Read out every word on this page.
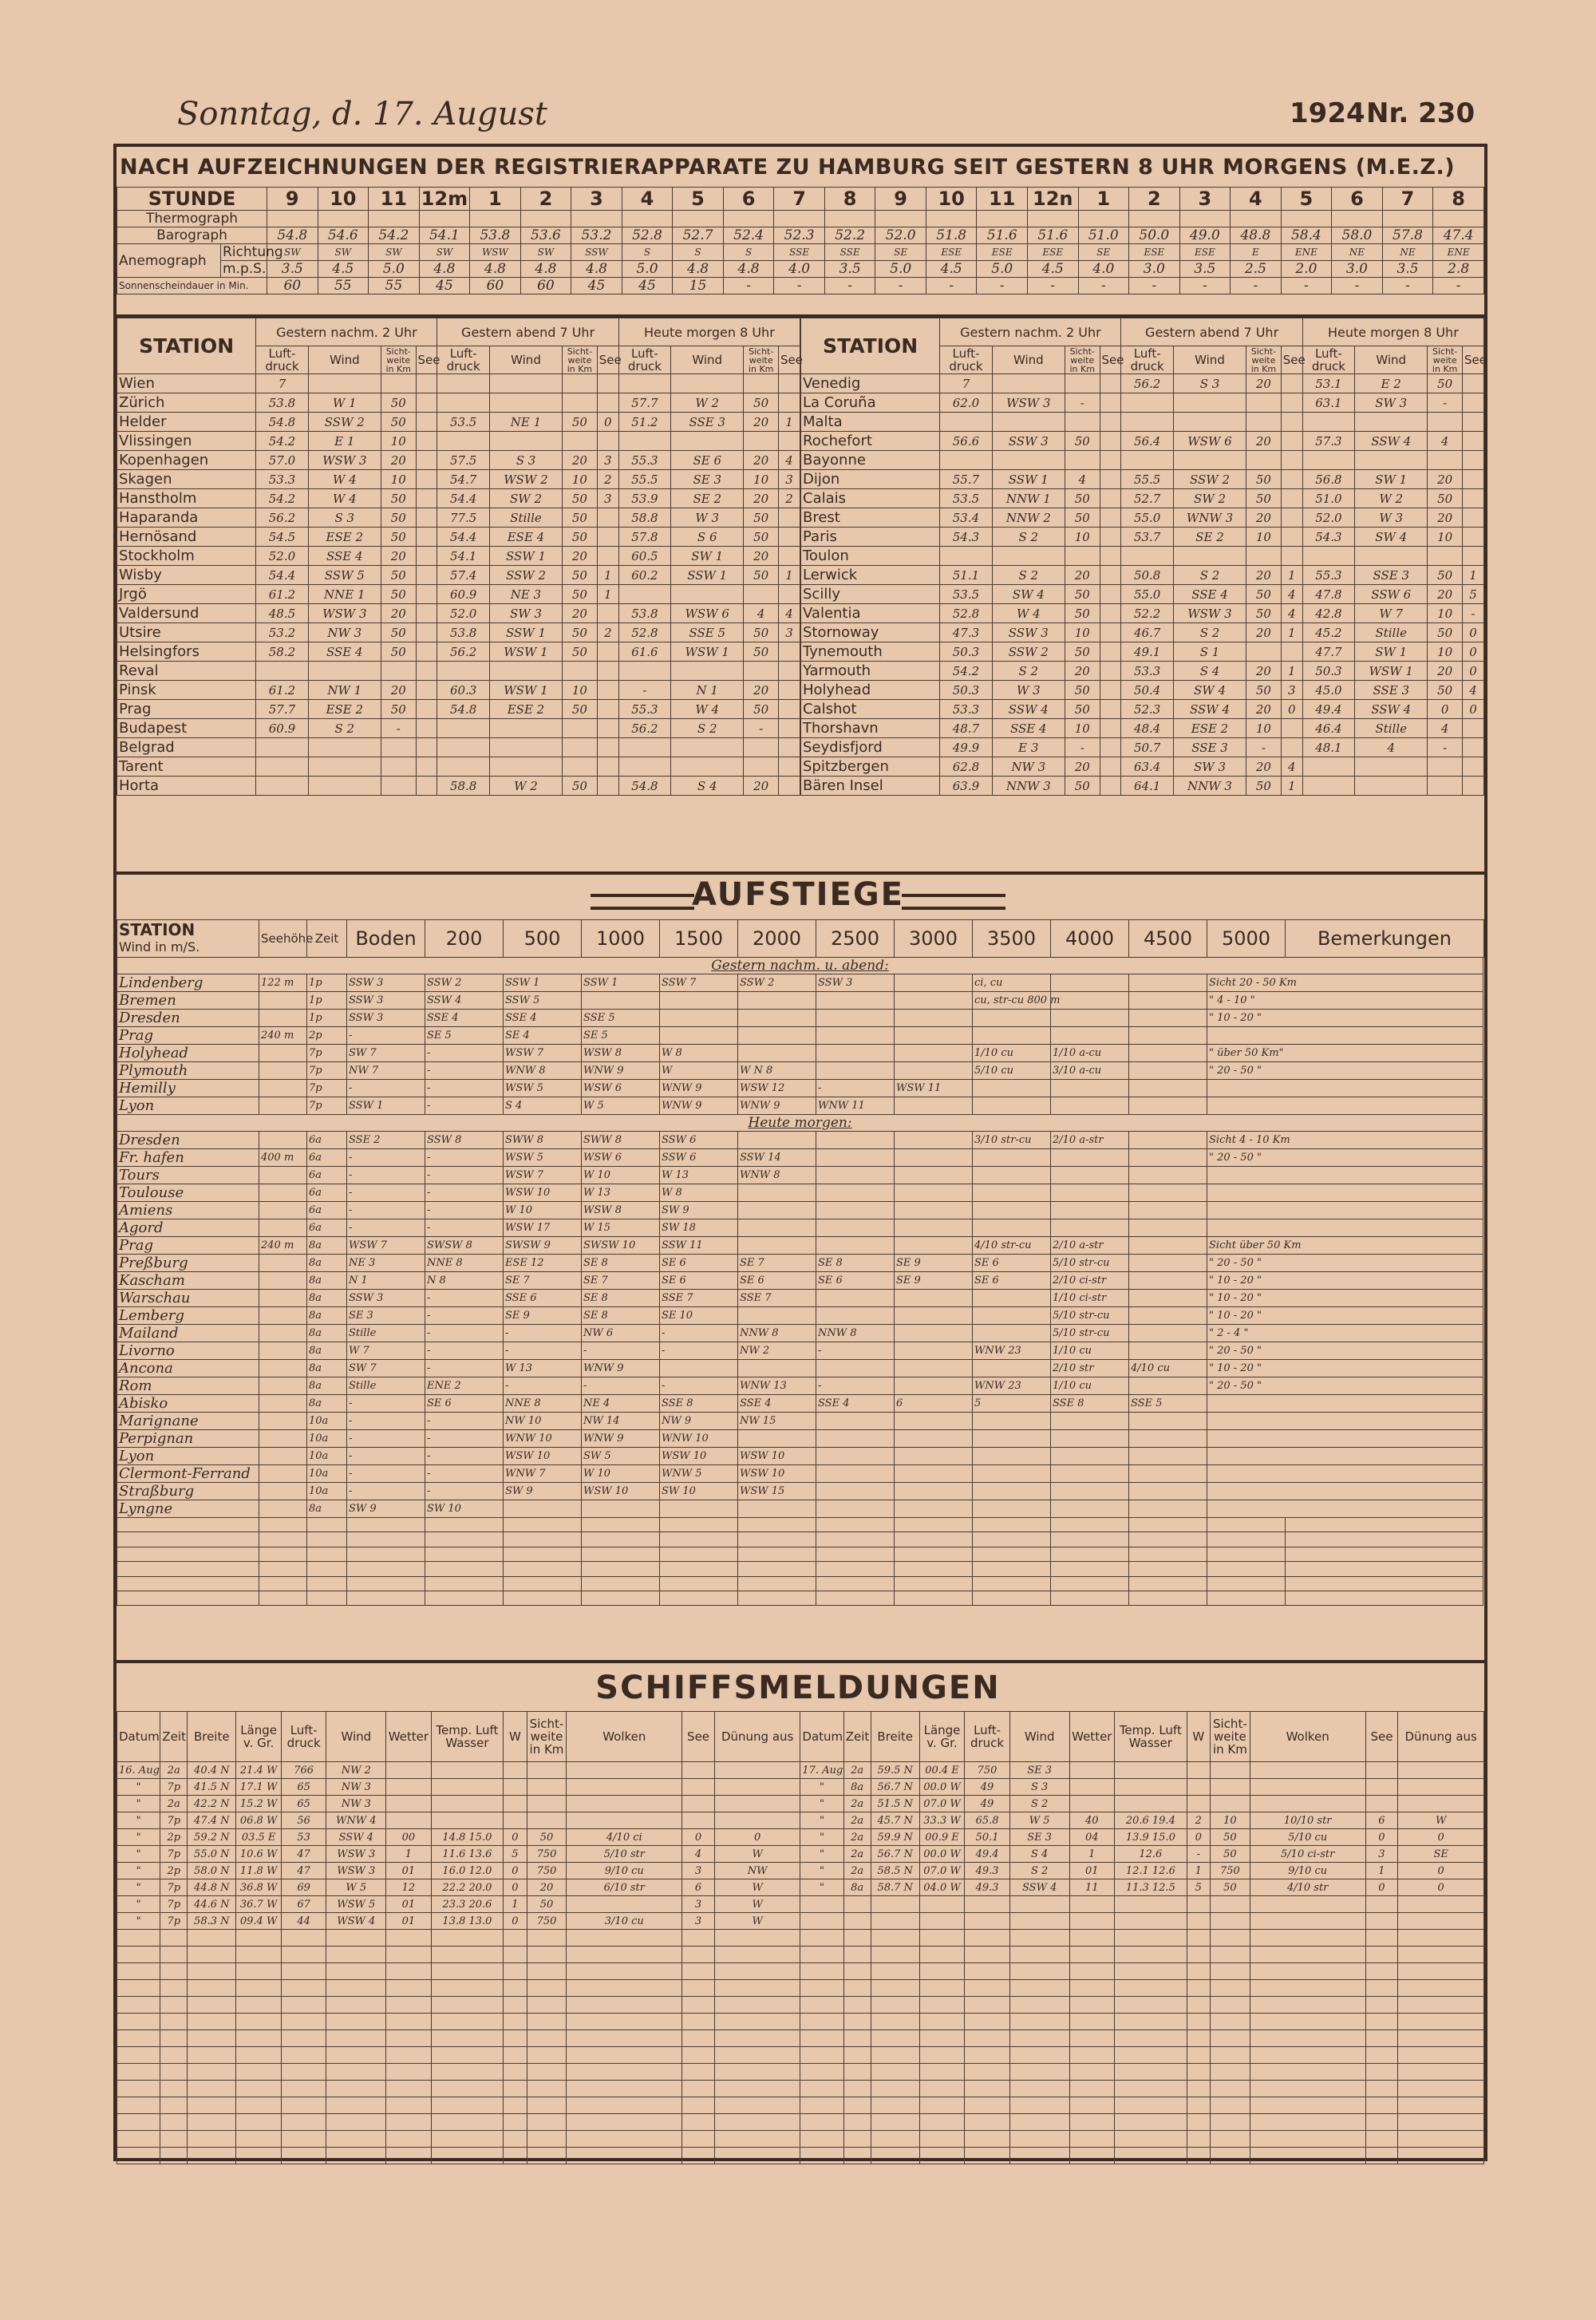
Sonntag, d. 17. August	1924 Nr. 230
NACH AUFZEICHNUNGEN DER REGISTRIERAPPARATE ZU HAMBURG SEIT GESTERN 8 UHR MORGENS (M.E.Z.)
STUNDE		9	10	11	12m	1	2	3	4	5	6	7	8	9	10	11	12n	1	2	3	4	5	6	7	8
Thermograph																									
Barograph		54.8	54.6	54.2	54.1	53.8	53.6	53.2	52.8	52.7	52.4	52.3	52.2	52.0	51.8	51.6	51.6	51.0	50.0	49.0	48.8	58.4	58.0	57.8	47.4
Anemograph	Richtung	SW	SW	SW	SW	WSW	SW	SSW	S	S	S	SSE	SSE	SE	ESE	ESE	ESE	SE	ESE	ESE	E	ENE	NE	NE	ENE
	m.p.S.	3.5	4.5	5.0	4.8	4.8	4.8	4.8	5.0	4.8	4.8	4.0	3.5	5.0	4.5	5.0	4.5	4.0	3.0	3.5	2.5	2.0	3.0	3.5	2.8
Sonnenscheindauer in Min.		60	55	55	45	60	60	45	45	15	-	-	-	-	-	-	-	-	-	-	-	-	-	-	-
STATION	Gestern nachm. 2 Uhr				Gestern abend 7 Uhr				Heute morgen 8 Uhr			
	Luft-druck	Wind	Sicht-weite in Km	See	Luft-druck	Wind	Sicht-weite in Km	See	Luft-druck	Wind	Sicht-weite in Km	See
Wien	7											
Zürich	53.8	W 1	50						57.7	W 2	50	
Helder	54.8	SSW 2	50		53.5	NE 1	50	0	51.2	SSE 3	20	1
Vlissingen	54.2	E 1	10									
Kopenhagen	57.0	WSW 3	20		57.5	S 3	20	3	55.3	SE 6	20	4
Skagen	53.3	W 4	10		54.7	WSW 2	10	2	55.5	SE 3	10	3
Hanstholm	54.2	W 4	50		54.4	SW 2	50	3	53.9	SE 2	20	2
Haparanda	56.2	S 3	50		77.5	Stille	50		58.8	W 3	50	
Hernösand	54.5	ESE 2	50		54.4	ESE 4	50		57.8	S 6	50	
Stockholm	52.0	SSE 4	20		54.1	SSW 1	20		60.5	SW 1	20	
Wisby	54.4	SSW 5	50		57.4	SSW 2	50	1	60.2	SSW 1	50	1
Jrgö	61.2	NNE 1	50		60.9	NE 3	50	1				
Valdersund	48.5	WSW 3	20		52.0	SW 3	20		53.8	WSW 6	4	4
Utsire	53.2	NW 3	50		53.8	SSW 1	50	2	52.8	SSE 5	50	3
Helsingfors	58.2	SSE 4	50		56.2	WSW 1	50		61.6	WSW 1	50	
Reval												
Pinsk	61.2	NW 1	20		60.3	WSW 1	10		-	N 1	20	
Prag	57.7	ESE 2	50		54.8	ESE 2	50		55.3	W 4	50	
Budapest	60.9	S 2	-						56.2	S 2	-	
Belgrad												
Tarent												
Horta					58.8	W 2	50		54.8	S 4	20	
STATION	Gestern nachm. 2 Uhr				Gestern abend 7 Uhr				Heute morgen 8 Uhr			
	Luft-druck	Wind	Sicht-weite in Km	See	Luft-druck	Wind	Sicht-weite in Km	See	Luft-druck	Wind	Sicht-weite in Km	See
Venedig	7				56.2	S 3	20		53.1	E 2	50	
La Coruña	62.0	WSW 3	-						63.1	SW 3	-	
Malta												
Rochefort	56.6	SSW 3	50		56.4	WSW 6	20		57.3	SSW 4	4	
Bayonne												
Dijon	55.7	SSW 1	4		55.5	SSW 2	50		56.8	SW 1	20	
Calais	53.5	NNW 1	50		52.7	SW 2	50		51.0	W 2	50	
Brest	53.4	NNW 2	50		55.0	WNW 3	20		52.0	W 3	20	
Paris	54.3	S 2	10		53.7	SE 2	10		54.3	SW 4	10	
Toulon												
Lerwick	51.1	S 2	20		50.8	S 2	20	1	55.3	SSE 3	50	1
Scilly	53.5	SW 4	50		55.0	SSE 4	50	4	47.8	SSW 6	20	5
Valentia	52.8	W 4	50		52.2	WSW 3	50	4	42.8	W 7	10	-
Stornoway	47.3	SSW 3	10		46.7	S 2	20	1	45.2	Stille	50	0
Tynemouth	50.3	SSW 2	50		49.1	S 1			47.7	SW 1	10	0
Yarmouth	54.2	S 2	20		53.3	S 4	20	1	50.3	WSW 1	20	0
Holyhead	50.3	W 3	50		50.4	SW 4	50	3	45.0	SSE 3	50	4
Calshot	53.3	SSW 4	50		52.3	SSW 4	20	0	49.4	SSW 4	0	0
Thorshavn	48.7	SSE 4	10		48.4	ESE 2	10		46.4	Stille	4	
Seydisfjord	49.9	E 3	-		50.7	SSE 3	-		48.1	4	-	
Spitzbergen	62.8	NW 3	20		63.4	SW 3	20	4				
Bären Insel	63.9	NNW 3	50		64.1	NNW 3	50	1				
AUFSTIEGE
STATION
Wind in m/S.	Seehöhe	Zeit	Boden	200	500	1000	1500	2000	2500	3000	3500	4000	4500	5000	Bemerkungen
Gestern nachm. u. abend:															
Lindenberg	122 m	1p	SSW 3	SSW 2	SSW 1	SSW 1	SSW 7	SSW 2	SSW 3		ci, cu			Sicht 20 - 50 Km	
Bremen		1p	SSW 3	SSW 4	SSW 5						cu, str-cu 800 m			" 4 - 10 "	
Dresden		1p	SSW 3	SSE 4	SSE 4	SSE 5								" 10 - 20 "	
Prag	240 m	2p	-	SE 5	SE 4	SE 5									
Holyhead		7p	SW 7	-	WSW 7	WSW 8	W 8				1/10 cu	1/10 a-cu		" über 50 Km"	
Plymouth		7p	NW 7	-	WNW 8	WNW 9	W	W N 8			5/10 cu	3/10 a-cu		" 20 - 50 "	
Hemilly		7p	-	-	WSW 5	WSW 6	WNW 9	WSW 12	-	WSW 11					
Lyon		7p	SSW 1	-	S 4	W 5	WNW 9	WNW 9	WNW 11						
Heute morgen:															
Dresden		6a	SSE 2	SSW 8	SWW 8	SWW 8	SSW 6				3/10 str-cu	2/10 a-str		Sicht 4 - 10 Km	
Fr. hafen	400 m	6a	-	-	WSW 5	WSW 6	SSW 6	SSW 14						" 20 - 50 "	
Tours		6a	-	-	WSW 7	W 10	W 13	WNW 8							
Toulouse		6a	-	-	WSW 10	W 13	W 8								
Amiens		6a	-	-	W 10	WSW 8	SW 9								
Agord		6a	-	-	WSW 17	W 15	SW 18								
Prag	240 m	8a	WSW 7	SWSW 8	SWSW 9	SWSW 10	SSW 11				4/10 str-cu	2/10 a-str		Sicht über 50 Km	
Preßburg		8a	NE 3	NNE 8	ESE 12	SE 8	SE 6	SE 7	SE 8	SE 9	SE 6	5/10 str-cu		" 20 - 50 "	
Kascham		8a	N 1	N 8	SE 7	SE 7	SE 6	SE 6	SE 6	SE 9	SE 6	2/10 ci-str		" 10 - 20 "	
Warschau		8a	SSW 3	-	SSE 6	SE 8	SSE 7	SSE 7				1/10 ci-str		" 10 - 20 "	
Lemberg		8a	SE 3	-	SE 9	SE 8	SE 10					5/10 str-cu		" 10 - 20 "	
Mailand		8a	Stille	-	-	NW 6	-	NNW 8	NNW 8			5/10 str-cu		" 2 - 4 "	
Livorno		8a	W 7	-	-	-	-	NW 2	-		WNW 23	1/10 cu		" 20 - 50 "	
Ancona		8a	SW 7	-	W 13	WNW 9						2/10 str	4/10 cu	" 10 - 20 "	
Rom		8a	Stille	ENE 2	-	-	-	WNW 13	-		WNW 23	1/10 cu		" 20 - 50 "	
Abisko		8a	-	SE 6	NNE 8	NE 4	SSE 8	SSE 4	SSE 4	6	5	SSE 8	SSE 5		
Marignane		10a	-	-	NW 10	NW 14	NW 9	NW 15							
Perpignan		10a	-	-	WNW 10	WNW 9	WNW 10								
Lyon		10a	-	-	WSW 10	SW 5	WSW 10	WSW 10							
Clermont-Ferrand		10a	-	-	WNW 7	W 10	WNW 5	WSW 10							
Straßburg		10a	-	-	SW 9	WSW 10	SW 10	WSW 15							
Lyngne		8a	SW 9	SW 10											

SCHIFFSMELDUNGEN
Datum	Zeit	Breite	Länge v. Gr.	Luft-druck	Wind	Wetter	Temp. Luft Wasser	W	Sicht-weite in Km	Wolken	See	Dünung aus	Datum	Zeit	Breite	Länge v. Gr.	Luft-druck	Wind	Wetter	Temp. Luft Wasser	W	Sicht-weite in Km	Wolken	See	Dünung aus
16. Aug	2a	40.4 N	21.4 W	766	NW 2								17. Aug	2a	59.5 N	00.4 E	750	SE 3							
"	7p	41.5 N	17.1 W	65	NW 3								"	8a	56.7 N	00.0 W	49	S 3							
"	2a	42.2 N	15.2 W	65	NW 3								"	2a	51.5 N	07.0 W	49	S 2							
"	7p	47.4 N	06.8 W	56	WNW 4								"	2a	45.7 N	33.3 W	65.8	W 5	40	20.6 19.4	2	10	10/10 str	6	W
"	2p	59.2 N	03.5 E	53	SSW 4	00	14.8 15.0	0	50	4/10 ci	0	0	"	2a	59.9 N	00.9 E	50.1	SE 3	04	13.9 15.0	0	50	5/10 cu	0	0
"	7p	55.0 N	10.6 W	47	WSW 3	1	11.6 13.6	5	750	5/10 str	4	W	"	2a	56.7 N	00.0 W	49.4	S 4	1	12.6	-	50	5/10 ci-str	3	SE
"	2p	58.0 N	11.8 W	47	WSW 3	01	16.0 12.0	0	750	9/10 cu	3	NW	"	2a	58.5 N	07.0 W	49.3	S 2	01	12.1 12.6	1	750	9/10 cu	1	0
"	7p	44.8 N	36.8 W	69	W 5	12	22.2 20.0	0	20	6/10 str	6	W	"	8a	58.7 N	04.0 W	49.3	SSW 4	11	11.3 12.5	5	50	4/10 str	0	0
"	7p	44.6 N	36.7 W	67	WSW 5	01	23.3 20.6	1	50		3	W													
"	7p	58.3 N	09.4 W	44	WSW 4	01	13.8 13.0	0	750	3/10 cu	3	W													
